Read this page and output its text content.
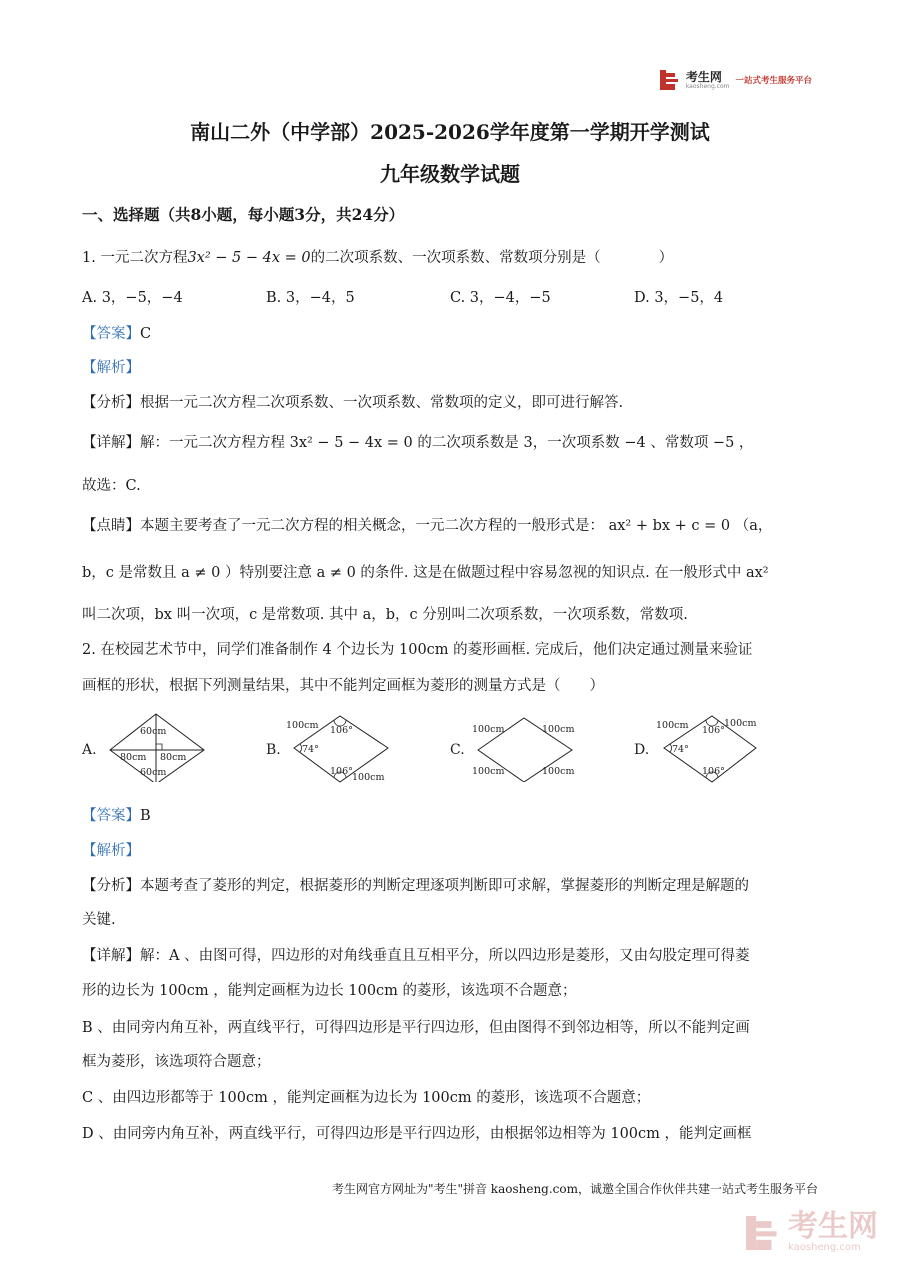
考生网
kaosheng.com 一站式考生服务平台
南山二外（中学部）2025-2026学年度第一学期开学测试
九年级数学试题
一、选择题（共8小题，每小题3分，共24分）
1. 一元二次方程3x² − 5 − 4x = 0的二次项系数、一次项系数、常数项分别是（　　　　）
A. 3，−5，−4	B. 3，−4，5	C. 3，−4，−5	D. 3，−5，4
【答案】C
【解析】
【分析】根据一元二次方程二次项系数、一次项系数、常数项的定义，即可进行解答.
【详解】解：一元二次方程方程 3x² − 5 − 4x = 0 的二次项系数是 3，一次项系数 −4 、常数项 −5 ，
故选：C.
【点睛】本题主要考查了一元二次方程的相关概念，一元二次方程的一般形式是： ax² + bx + c = 0 （a，
b，c 是常数且 a ≠ 0 ）特别要注意 a ≠ 0 的条件. 这是在做题过程中容易忽视的知识点. 在一般形式中 ax²
叫二次项，bx 叫一次项，c 是常数项. 其中 a，b，c 分别叫二次项系数，一次项系数，常数项.
2. 在校园艺术节中，同学们准备制作 4 个边长为 100cm 的菱形画框. 完成后，他们决定通过测量来验证
画框的形状，根据下列测量结果，其中不能判定画框为菱形的测量方式是（　　）
A.
60cm
80cm 80cm
60cm
B.
100cm 106°
74°
106°
100cm
C.
100cm	100cm
100cm	100cm
D.
100cm 106°
100cm
74°
106°
【答案】B
【解析】
【分析】本题考查了菱形的判定，根据菱形的判断定理逐项判断即可求解，掌握菱形的判断定理是解题的
关键.
【详解】解：A 、由图可得，四边形的对角线垂直且互相平分，所以四边形是菱形，又由勾股定理可得菱
形的边长为 100cm ，能判定画框为边长 100cm 的菱形，该选项不合题意；
B 、由同旁内角互补，两直线平行，可得四边形是平行四边形，但由图得不到邻边相等，所以不能判定画
框为菱形，该选项符合题意；
C 、由四边形都等于 100cm ，能判定画框为边长为 100cm 的菱形，该选项不合题意；
D 、由同旁内角互补，两直线平行，可得四边形是平行四边形，由根据邻边相等为 100cm ，能判定画框
考生网官方网址为"考生"拼音 kaosheng.com，诚邀全国合作伙伴共建一站式考生服务平台
考生网
kaosheng.com
